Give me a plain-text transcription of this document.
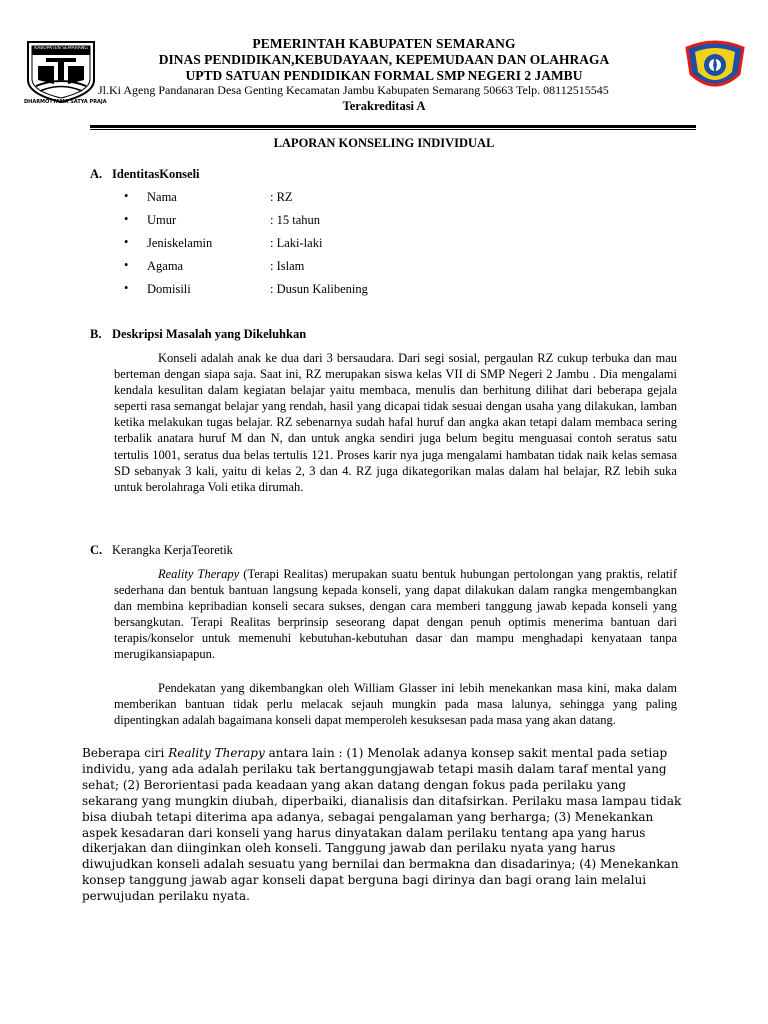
KABUPATEN SEMARANG
DHARMOTTAMA SATYA PRAJA
PEMERINTAH KABUPATEN SEMARANG
DINAS PENDIDIKAN,KEBUDAYAAN, KEPEMUDAAN DAN OLAHRAGA
UPTD SATUAN PENDIDIKAN FORMAL SMP NEGERI 2 JAMBU
Jl.Ki Ageng Pandanaran Desa Genting Kecamatan Jambu Kabupaten Semarang 50663 Telp. 08112515545
Terakreditasi A
LAPORAN KONSELING INDIVIDUAL
A. IdentitasKonseli
• Nama	: RZ
• Umur	: 15 tahun
• Jeniskelamin	: Laki-laki
• Agama	: Islam
• Domisili	: Dusun Kalibening
B. Deskripsi Masalah yang Dikeluhkan
Konseli adalah anak ke dua dari 3 bersaudara. Dari segi sosial, pergaulan RZ cukup terbuka dan mau berteman dengan siapa saja. Saat ini, RZ merupakan siswa kelas VII di SMP Negeri 2 Jambu . Dia mengalami kendala kesulitan dalam kegiatan belajar yaitu membaca, menulis dan berhitung dilihat dari beberapa gejala seperti rasa semangat belajar yang rendah, hasil yang dicapai tidak sesuai dengan usaha yang dilakukan, lamban ketika melakukan tugas belajar. RZ sebenarnya sudah hafal huruf dan angka akan tetapi dalam membaca sering terbalik anatara huruf M dan N, dan untuk angka sendiri juga belum begitu menguasai contoh seratus satu tertulis 1001, seratus dua belas tertulis 121. Proses karir nya juga mengalami hambatan tidak naik kelas semasa SD sebanyak 3 kali, yaitu di kelas 2, 3 dan 4. RZ juga dikategorikan malas dalam hal belajar, RZ lebih suka untuk berolahraga Voli etika dirumah.
C. Kerangka KerjaTeoretik
Reality Therapy (Terapi Realitas) merupakan suatu bentuk hubungan pertolongan yang praktis, relatif sederhana dan bentuk bantuan langsung kepada konseli, yang dapat dilakukan dalam rangka mengembangkan dan membina kepribadian konseli secara sukses, dengan cara memberi tanggung jawab kepada konseli yang bersangkutan. Terapi Realitas berprinsip seseorang dapat dengan penuh optimis menerima bantuan dari terapis/konselor untuk memenuhi kebutuhan-kebutuhan dasar dan mampu menghadapi kenyataan tanpa merugikansiapapun.
Pendekatan yang dikembangkan oleh William Glasser ini lebih menekankan masa kini, maka dalam memberikan bantuan tidak perlu melacak sejauh mungkin pada masa lalunya, sehingga yang paling dipentingkan adalah bagaimana konseli dapat memperoleh kesuksesan pada masa yang akan datang.
Beberapa ciri Reality Therapy antara lain : (1) Menolak adanya konsep sakit mental pada setiap individu, yang ada adalah perilaku tak bertanggungjawab tetapi masih dalam taraf mental yang sehat; (2) Berorientasi pada keadaan yang akan datang dengan fokus pada perilaku yang sekarang yang mungkin diubah, diperbaiki, dianalisis dan ditafsirkan. Perilaku masa lampau tidak bisa diubah tetapi diterima apa adanya, sebagai pengalaman yang berharga; (3) Menekankan aspek kesadaran dari konseli yang harus dinyatakan dalam perilaku tentang apa yang harus dikerjakan dan diinginkan oleh konseli. Tanggung jawab dan perilaku nyata yang harus diwujudkan konseli adalah sesuatu yang bernilai dan bermakna dan disadarinya; (4) Menekankan konsep tanggung jawab agar konseli dapat berguna bagi dirinya dan bagi orang lain melalui perwujudan perilaku nyata.
